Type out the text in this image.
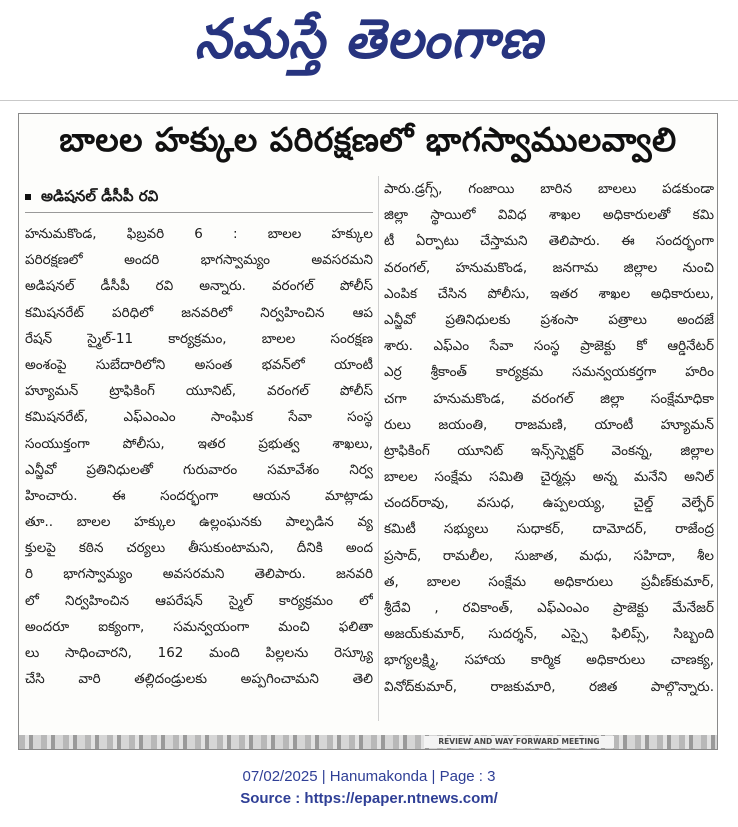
నమస్తే తెలంగాణ
బాలల హక్కుల పరిరక్షణలో భాగస్వాములవ్వాలి
అడిషనల్ డీసీపీ రవి
హనుమకొండ, ఫిబ్రవరి 6 : బాలల హక్కుల
పరిరక్షణలో అందరి భాగస్వామ్యం అవసరమని
అడిషనల్ డీసీపీ రవి అన్నారు. వరంగల్ పోలీస్
కమిషనరేట్ పరిధిలో జనవరిలో నిర్వహించిన ఆప
రేషన్ స్మైల్-11 కార్యక్రమం, బాలల సంరక్షణ
అంశంపై సుబేదారిలోని అసంత భవన్‌లో యాంటీ
హ్యూమన్ ట్రాఫికింగ్ యూనిట్, వరంగల్ పోలీస్
కమిషనరేట్, ఎఫ్ఎంఎం సాంఘిక సేవా సంస్థ
సంయుక్తంగా పోలీసు, ఇతర ప్రభుత్వ శాఖలు,
ఎన్జీవో ప్రతినిధులతో గురువారం సమావేశం నిర్వ
హించారు. ఈ సందర్భంగా ఆయన మాట్లాడు
తూ.. బాలల హక్కుల ఉల్లంఘనకు పాల్పడిన వ్య
క్తులపై కఠిన చర్యలు తీసుకుంటామని, దీనికి అంద
రి భాగస్వామ్యం అవసరమని తెలిపారు. జనవరి
లో నిర్వహించిన ఆపరేషన్ స్మైల్ కార్యక్రమం లో
అందరూ ఐక్యంగా, సమన్వయంగా మంచి ఫలితా
లు సాధించారని, 162 మంది పిల్లలను రెస్క్యూ
చేసి వారి తల్లిదండ్రులకు అప్పగించామని తెలి
పారు.డ్రగ్స్, గంజాయి బారిన బాలలు పడకుండా
జిల్లా స్థాయిలో వివిధ శాఖల అధికారులతో కమి
టీ ఏర్పాటు చేస్తామని తెలిపారు. ఈ సందర్భంగా
వరంగల్, హనుమకొండ, జనగామ జిల్లాల నుంచి
ఎంపిక చేసిన పోలీసు, ఇతర శాఖల అధికారులు,
ఎన్జీవో ప్రతినిధులకు ప్రశంసా పత్రాలు అందజే
శారు. ఎఫ్ఎం సేవా సంస్థ ప్రాజెక్టు కో ఆర్డినేటర్
ఎర్ర శ్రీకాంత్ కార్యక్రమ సమన్వయకర్తగా హరిం
చగా హనుమకొండ, వరంగల్ జిల్లా సంక్షేమాధికా
రులు జయంతి, రాజమణి, యాంటీ హ్యూమన్
ట్రాఫికింగ్ యూనిట్ ఇన్స్‌స్పెక్టర్ వెంకన్న, జిల్లాల
బాలల సంక్షేమ సమితి చైర్మన్లు అన్న మనేని అనిల్
చందర్‌రావు, వసుధ, ఉప్పలయ్య, చైల్డ్ వెల్ఫేర్
కమిటీ సభ్యులు సుధాకర్, దామోదర్, రాజేంద్ర
ప్రసాద్, రామలీల, సుజాత, మధు, సహిదా, శీల
త, బాలల సంక్షేమ అధికారులు ప్రవీణ్‌కుమార్,
శ్రీదేవి , రవికాంత్, ఎఫ్ఎంఎం ప్రాజెక్టు మేనేజర్
అజయ్‌కుమార్, సుదర్శన్, ఎస్సై ఫిలిప్స్, సిబ్బంది
భాగ్యలక్ష్మి, సహాయ కార్మిక అధికారులు చాణక్య,
వినోద్‌కుమార్, రాజకుమారి, రజిత పాల్గొన్నారు.
REVIEW AND WAY FORWARD MEETING
07/02/2025 | Hanumakonda | Page : 3
Source : https://epaper.ntnews.com/
